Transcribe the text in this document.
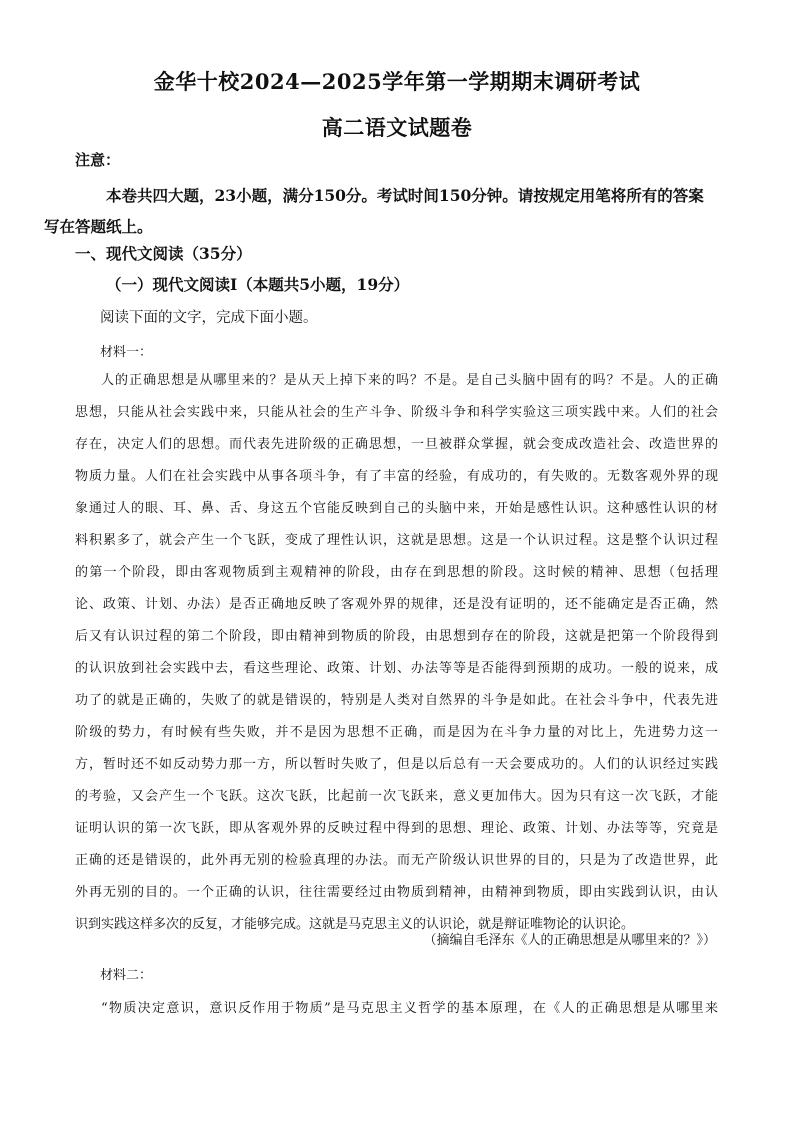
金华十校2024—2025学年第一学期期末调研考试
高二语文试题卷
注意：
本卷共四大题，23小题，满分150分。考试时间150分钟。请按规定用笔将所有的答案
写在答题纸上。
一、现代文阅读（35分）
（一）现代文阅读Ⅰ（本题共5小题，19分）
阅读下面的文字，完成下面小题。
材料一：
人的正确思想是从哪里来的？是从天上掉下来的吗？不是。是自己头脑中固有的吗？不是。人的正确
思想，只能从社会实践中来，只能从社会的生产斗争、阶级斗争和科学实验这三项实践中来。人们的社会
存在，决定人们的思想。而代表先进阶级的正确思想，一旦被群众掌握，就会变成改造社会、改造世界的
物质力量。人们在社会实践中从事各项斗争，有了丰富的经验，有成功的，有失败的。无数客观外界的现
象通过人的眼、耳、鼻、舌、身这五个官能反映到自己的头脑中来，开始是感性认识。这种感性认识的材
料积累多了，就会产生一个飞跃，变成了理性认识，这就是思想。这是一个认识过程。这是整个认识过程
的第一个阶段，即由客观物质到主观精神的阶段，由存在到思想的阶段。这时候的精神、思想（包括理
论、政策、计划、办法）是否正确地反映了客观外界的规律，还是没有证明的，还不能确定是否正确，然
后又有认识过程的第二个阶段，即由精神到物质的阶段，由思想到存在的阶段，这就是把第一个阶段得到
的认识放到社会实践中去，看这些理论、政策、计划、办法等等是否能得到预期的成功。一般的说来，成
功了的就是正确的，失败了的就是错误的，特别是人类对自然界的斗争是如此。在社会斗争中，代表先进
阶级的势力，有时候有些失败，并不是因为思想不正确，而是因为在斗争力量的对比上，先进势力这一
方，暂时还不如反动势力那一方，所以暂时失败了，但是以后总有一天会要成功的。人们的认识经过实践
的考验，又会产生一个飞跃。这次飞跃，比起前一次飞跃来，意义更加伟大。因为只有这一次飞跃，才能
证明认识的第一次飞跃，即从客观外界的反映过程中得到的思想、理论、政策、计划、办法等等，究竟是
正确的还是错误的，此外再无别的检验真理的办法。而无产阶级认识世界的目的，只是为了改造世界，此
外再无别的目的。一个正确的认识，往往需要经过由物质到精神，由精神到物质，即由实践到认识，由认
识到实践这样多次的反复，才能够完成。这就是马克思主义的认识论，就是辩证唯物论的认识论。
（摘编自毛泽东《人的正确思想是从哪里来的？》）
材料二：
“物质决定意识，意识反作用于物质”是马克思主义哲学的基本原理，在《人的正确思想是从哪里来
